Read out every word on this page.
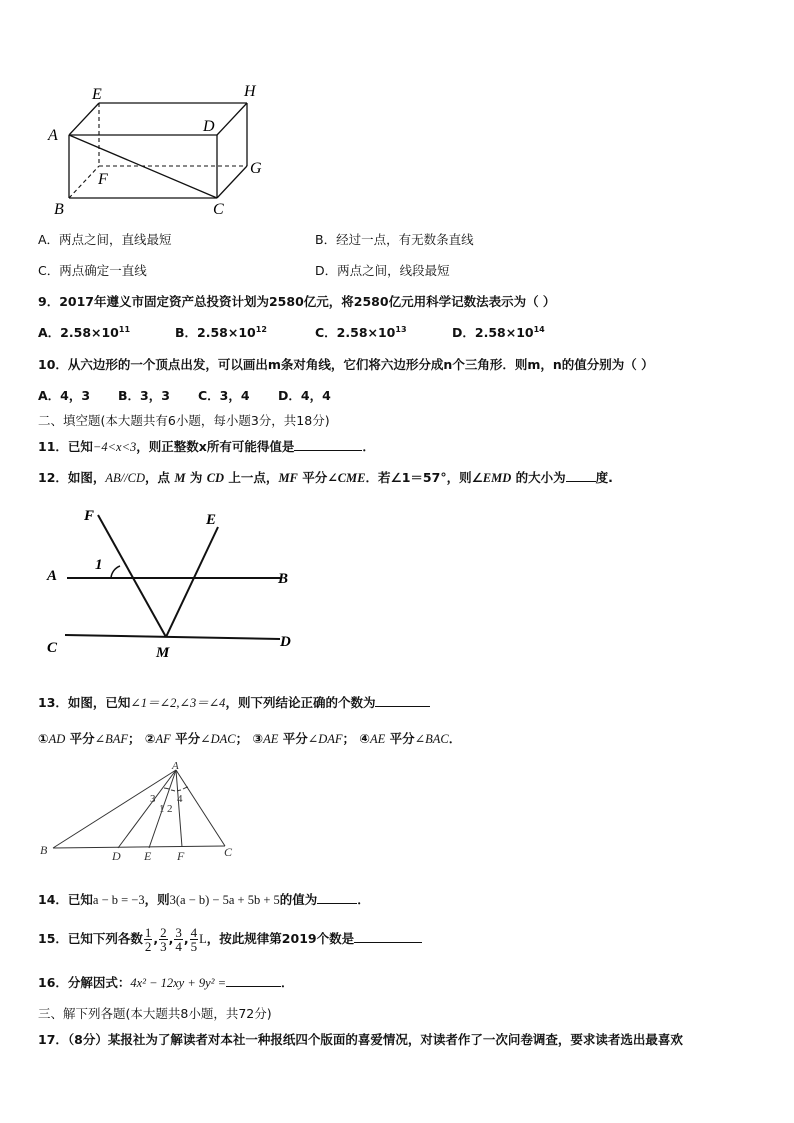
E	H
A
D
G
F
B	C
A．两点之间，直线最短	B．经过一点，有无数条直线
C．两点确定一直线	D．两点之间，线段最短
9．2017年遵义市固定资产总投资计划为2580亿元，将2580亿元用科学记数法表示为（ ）
A．$2.58\times 10^{11}$	B．$2.58\times 10^{12}$	C．$2.58\times 10^{13}$	D．$2.58\times 10^{14}$
10．从六边形的一个顶点出发，可以画出m条对角线，它们将六边形分成n个三角形．则m，n的值分别为（ ）
A．4，3 B．3，3 C．3，4 D．4，4
二、填空题(本大题共有6小题，每小题3分，共18分)
11．已知−4<x<3，则正整数x所有可能得值是	．
12．如图，AB//CD，点 M 为 CD 上一点，MF 平分∠CME．若∠1＝57°，则∠EMD 的大小为 度.
F	E
1
A	B
C	D
M
13．如图，已知∠1＝∠2,∠3＝∠4，则下列结论正确的个数为
①AD 平分∠BAF； ②AF 平分∠DAC； ③AE 平分∠DAF； ④AE 平分∠BAC．
A
3
1 2
4
B	D E F	C
14．已知a − b = −3，则3(a − b) − 5a + 5b + 5的值为	．
15．已知下列各数 $\frac{1}{2}$ , $\frac{2}{3}$ , $\frac{3}{4}$ , $\frac{4}{5}$ L，按此规律第2019个数是
16．分解因式：4x² − 12xy + 9y² =	．
三、解下列各题(本大题共8小题，共72分)
17．（8分）某报社为了解读者对本社一种报纸四个版面的喜爱情况，对读者作了一次问卷调查，要求读者选出最喜欢
